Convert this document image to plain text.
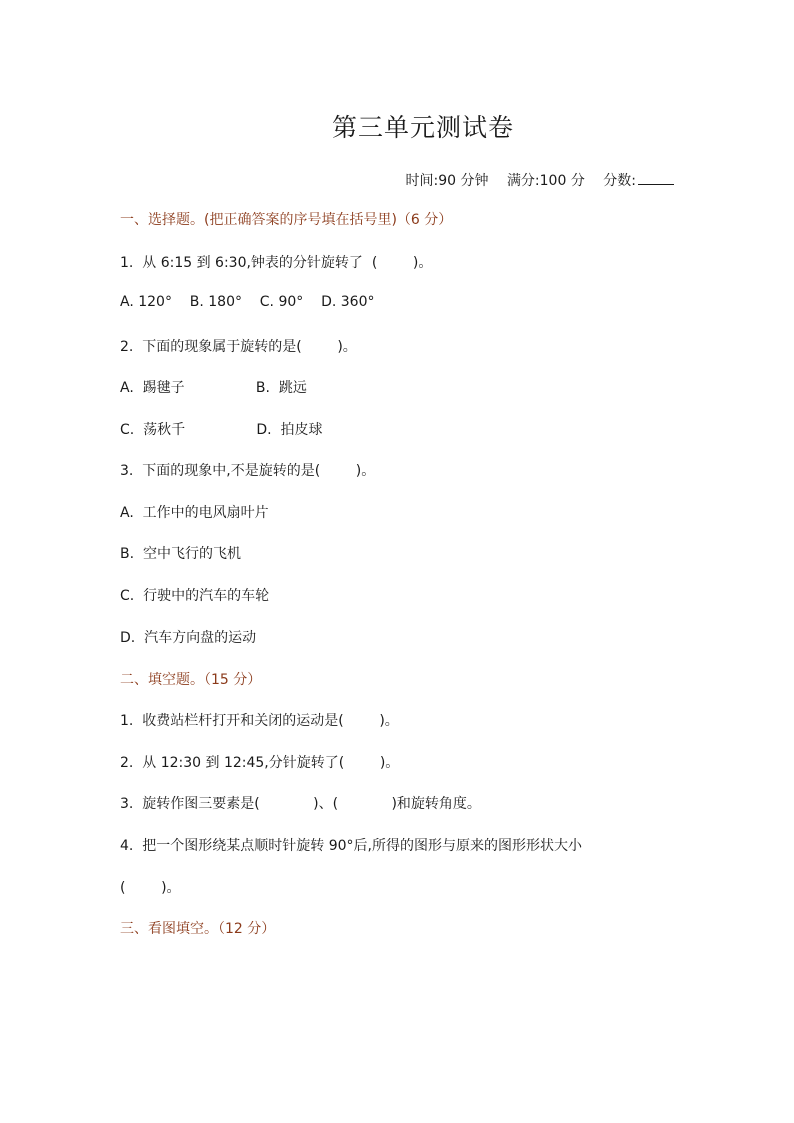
第三单元测试卷
时间:90 分钟 满分:100 分 分数:
一、选择题。(把正确答案的序号填在括号里)（6 分）
1.  从 6:15 到 6:30,钟表的分针旋转了  (        )。
A. 120°    B. 180°    C. 90°    D. 360°
2.  下面的现象属于旋转的是(        )。
A.  踢毽子                B.  跳远
C.  荡秋千                D.  拍皮球
3.  下面的现象中,不是旋转的是(        )。
A.  工作中的电风扇叶片
B.  空中飞行的飞机
C.  行驶中的汽车的车轮
D.  汽车方向盘的运动
二、填空题。（15 分）
1.  收费站栏杆打开和关闭的运动是(        )。
2.  从 12:30 到 12:45,分针旋转了(        )。
3.  旋转作图三要素是(            )、(            )和旋转角度。
4.  把一个图形绕某点顺时针旋转 90°后,所得的图形与原来的图形形状大小
(        )。
三、看图填空。（12 分）
